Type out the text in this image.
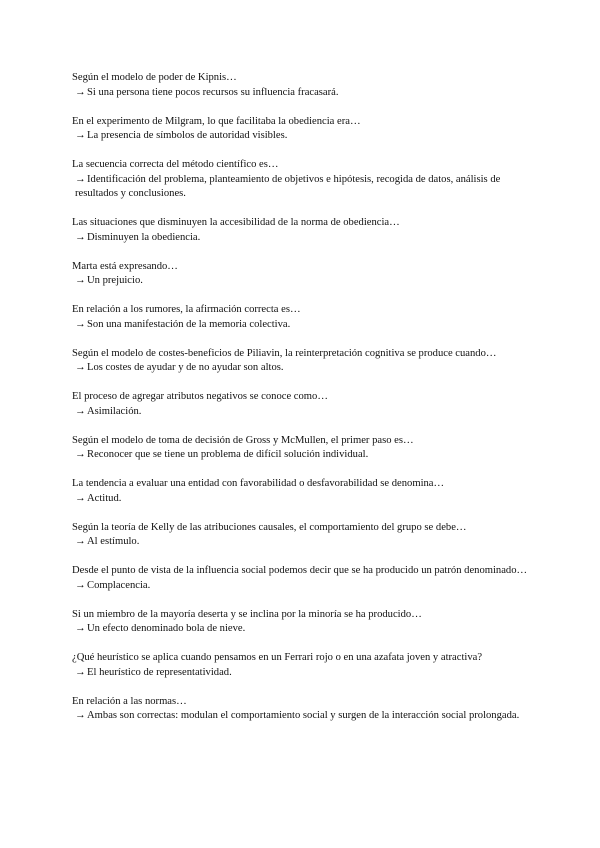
Según el modelo de poder de Kipnis…
→Si una persona tiene pocos recursos su influencia fracasará.
En el experimento de Milgram, lo que facilitaba la obediencia era…
→La presencia de símbolos de autoridad visibles.
La secuencia correcta del método científico es…
→Identificación del problema, planteamiento de objetivos e hipótesis, recogida de datos, análisis de resultados y conclusiones.
Las situaciones que disminuyen la accesibilidad de la norma de obediencia…
→Disminuyen la obediencia.
Marta está expresando…
→Un prejuicio.
En relación a los rumores, la afirmación correcta es…
→Son una manifestación de la memoria colectiva.
Según el modelo de costes-beneficios de Piliavin, la reinterpretación cognitiva se produce cuando…
→Los costes de ayudar y de no ayudar son altos.
El proceso de agregar atributos negativos se conoce como…
→Asimilación.
Según el modelo de toma de decisión de Gross y McMullen, el primer paso es…
→Reconocer que se tiene un problema de difícil solución individual.
La tendencia a evaluar una entidad con favorabilidad o desfavorabilidad se denomina…
→Actitud.
Según la teoría de Kelly de las atribuciones causales, el comportamiento del grupo se debe…
→Al estímulo.
Desde el punto de vista de la influencia social podemos decir que se ha producido un patrón denominado…
→Complacencia.
Si un miembro de la mayoría deserta y se inclina por la minoría se ha producido…
→Un efecto denominado bola de nieve.
¿Qué heurístico se aplica cuando pensamos en un Ferrari rojo o en una azafata joven y atractiva?
→El heurístico de representatividad.
En relación a las normas…
→Ambas son correctas: modulan el comportamiento social y surgen de la interacción social prolongada.
